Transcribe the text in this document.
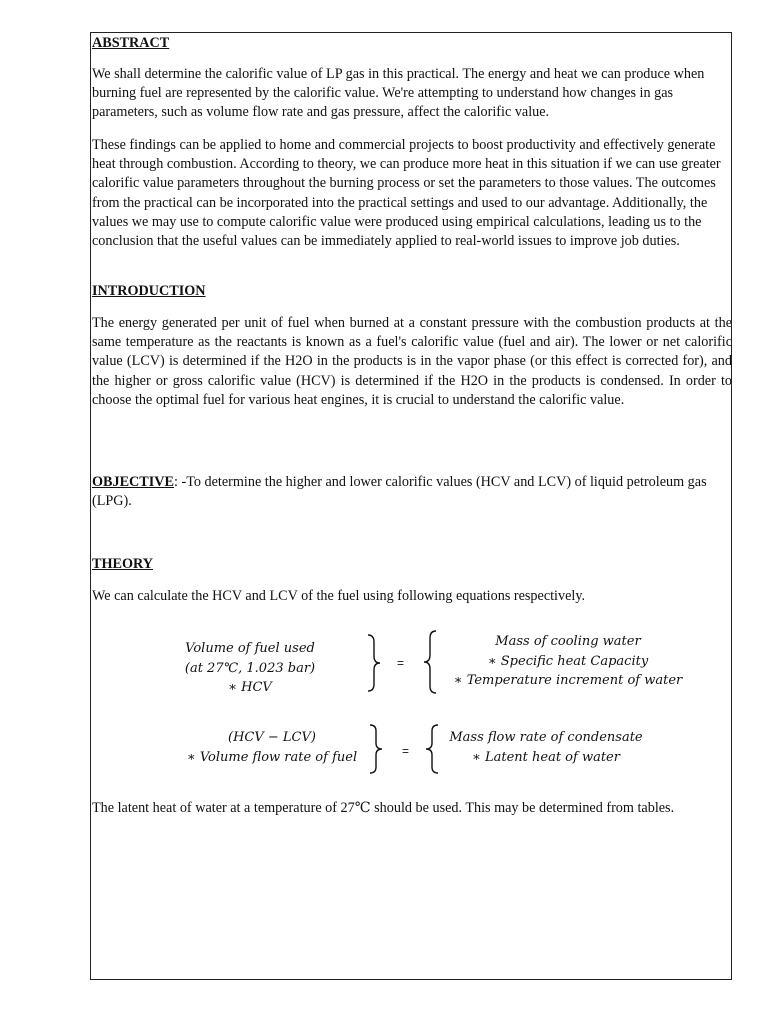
ABSTRACT

We shall determine the calorific value of LP gas in this practical. The energy and heat we can produce when burning fuel are represented by the calorific value. We're attempting to understand how changes in gas parameters, such as volume flow rate and gas pressure, affect the calorific value.

These findings can be applied to home and commercial projects to boost productivity and effectively generate heat through combustion. According to theory, we can produce more heat in this situation if we can use greater calorific value parameters throughout the burning process or set the parameters to those values. The outcomes from the practical can be incorporated into the practical settings and used to our advantage. Additionally, the values we may use to compute calorific value were produced using empirical calculations, leading us to the conclusion that the useful values can be immediately applied to real-world issues to improve job duties.

INTRODUCTION

The energy generated per unit of fuel when burned at a constant pressure with the combustion products at the same temperature as the reactants is known as a fuel's calorific value (fuel and air). The lower or net calorific value (LCV) is determined if the H2O in the products is in the vapor phase (or this effect is corrected for), and the higher or gross calorific value (HCV) is determined if the H2O in the products is condensed. In order to choose the optimal fuel for various heat engines, it is crucial to understand the calorific value.

OBJECTIVE: -To determine the higher and lower calorific values (HCV and LCV) of liquid petroleum gas (LPG).

THEORY

We can calculate the HCV and LCV of the fuel using following equations respectively.

The latent heat of water at a temperature of 27℃ should be used. This may be determined from tables.

Volume of fuel used
(at 27℃, 1.023 bar)
∗ HCV
=
Mass of cooling water
∗ Specific heat Capacity
∗ Temperature increment of water
(HCV − LCV)
∗ Volume flow rate of fuel	=
Mass flow rate of condensate
∗ Latent heat of water
